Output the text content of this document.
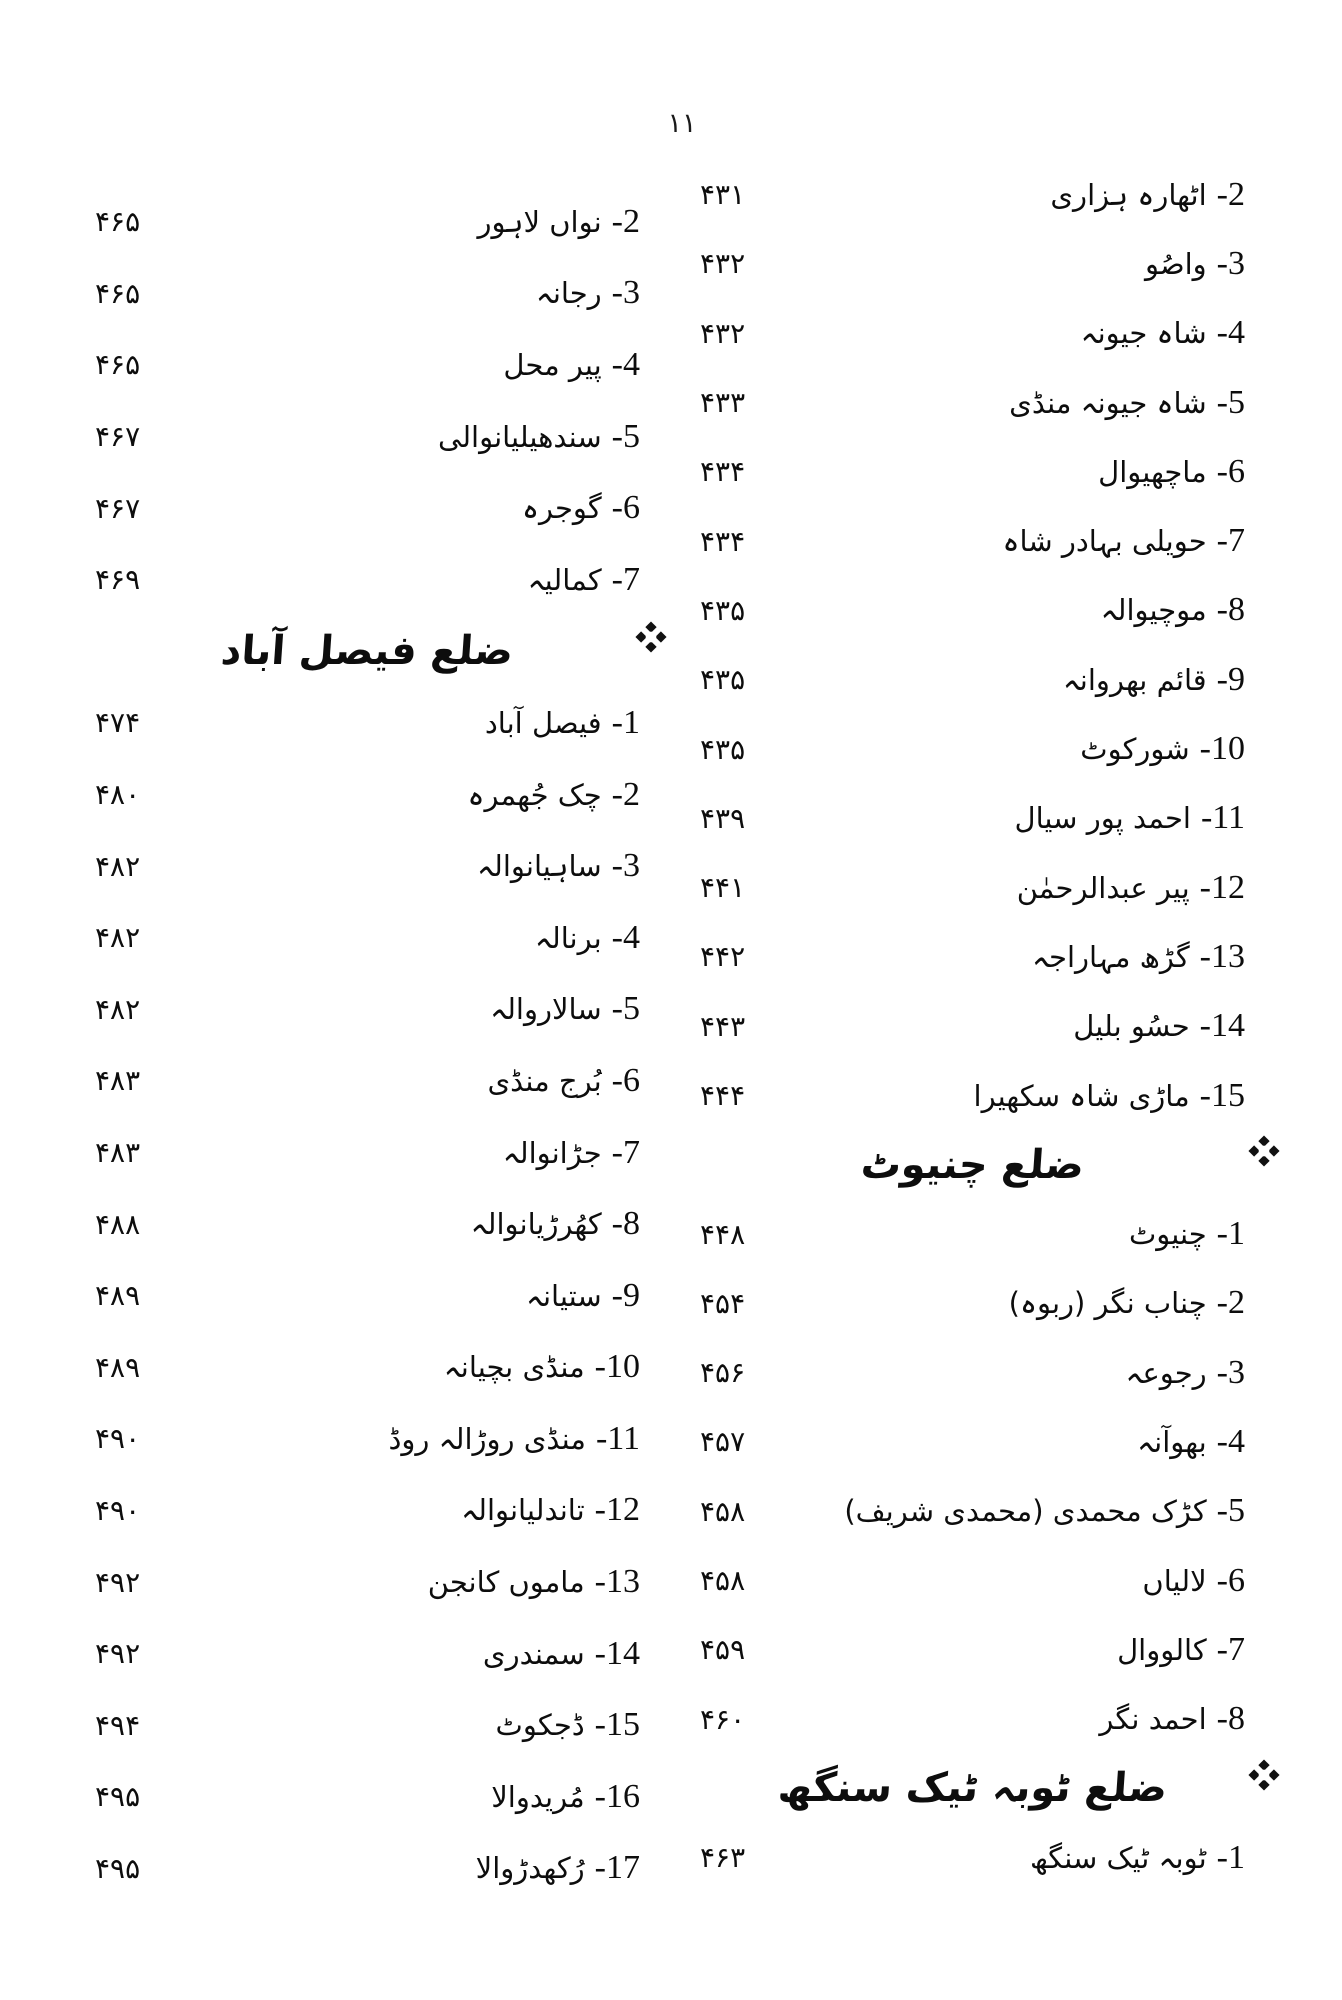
۱۱
۴۳۱	اٹھارہ ہزاری -2
۴۳۲	واصُو -3
۴۳۲	شاہ جیونہ -4
۴۳۳	شاہ جیونہ منڈی -5
۴۳۴	ماچھیوال -6
۴۳۴	حویلی بہادر شاہ -7
۴۳۵	موچیوالہ -8
۴۳۵	قائم بھروانہ -9
۴۳۵	شورکوٹ -10
۴۳۹	احمد پور سیال -11
۴۴۱	پیر عبدالرحمٰن -12
۴۴۲	گڑھ مہاراجہ -13
۴۴۳	حسُو بلیل -14
۴۴۴	ماڑی شاہ سکھیرا -15
ضلع چنیوٹ
۴۴۸	چنیوٹ -1
۴۵۴	چناب نگر (ربوہ) -2
۴۵۶	رجوعہ -3
۴۵۷	بھوآنہ -4
۴۵۸	کڑک محمدی (محمدی شریف) -5
۴۵۸	لالیاں -6
۴۵۹	کالووال -7
۴۶۰	احمد نگر -8
ضلع ٹوبہ ٹیک سنگھ
۴۶۳	ٹوبہ ٹیک سنگھ -1
۴۶۵	نواں لاہور -2
۴۶۵	رجانہ -3
۴۶۵	پیر محل -4
۴۶۷	سندھیلیانوالی -5
۴۶۷	گوجرہ -6
۴۶۹	کمالیہ -7
ضلع فیصل آباد
۴۷۴	فیصل آباد -1
۴۸۰	چک جُھمرہ -2
۴۸۲	ساہیانوالہ -3
۴۸۲	برنالہ -4
۴۸۲	سالاروالہ -5
۴۸۳	بُرج منڈی -6
۴۸۳	جڑانوالہ -7
۴۸۸	کھُرڑیانوالہ -8
۴۸۹	ستیانہ -9
۴۸۹	منڈی بچیانہ -10
۴۹۰	منڈی روڑالہ روڈ -11
۴۹۰	تاندلیانوالہ -12
۴۹۲	ماموں کانجن -13
۴۹۲	سمندری -14
۴۹۴	ڈجکوٹ -15
۴۹۵	مُریدوالا -16
۴۹۵	رُکھدڑوالا -17
